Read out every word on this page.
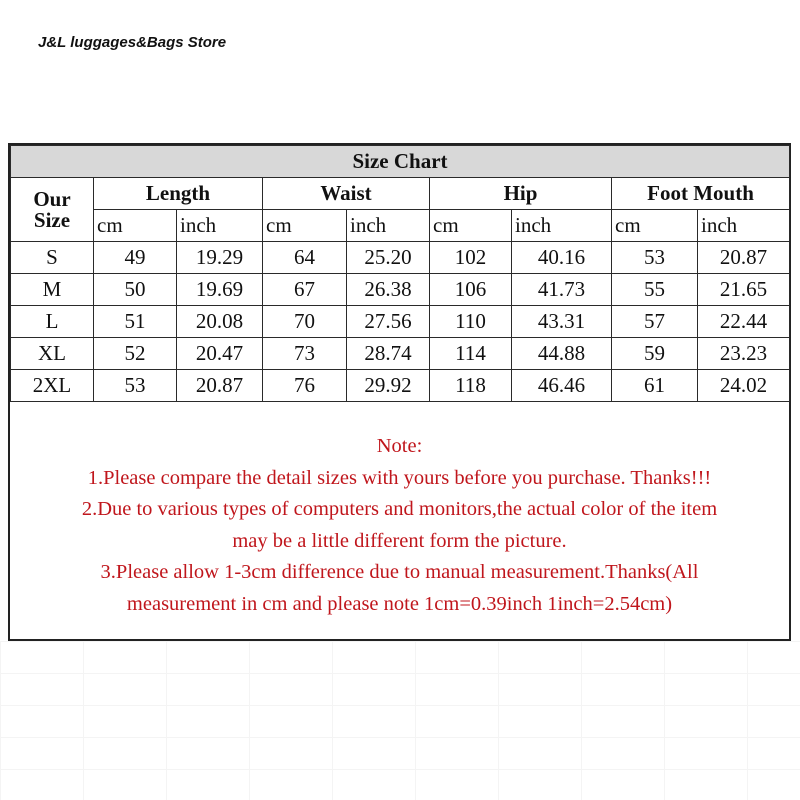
J&L luggages&Bags Store
Size Chart								
Our
Size	Length		Waist		Hip		Foot Mouth	
	cm	inch	cm	inch	cm	inch	cm	inch
S	49	19.29	64	25.20	102	40.16	53	20.87
M	50	19.69	67	26.38	106	41.73	55	21.65
L	51	20.08	70	27.56	110	43.31	57	22.44
XL	52	20.47	73	28.74	114	44.88	59	23.23
2XL	53	20.87	76	29.92	118	46.46	61	24.02
Note:
1.Please compare the detail sizes with yours before you purchase. Thanks!!!
2.Due to various types of computers and monitors,the actual color of the item
may be a little different form the picture.
3.Please allow 1-3cm difference due to manual measurement.Thanks(All
measurement in cm and please note 1cm=0.39inch 1inch=2.54cm)
